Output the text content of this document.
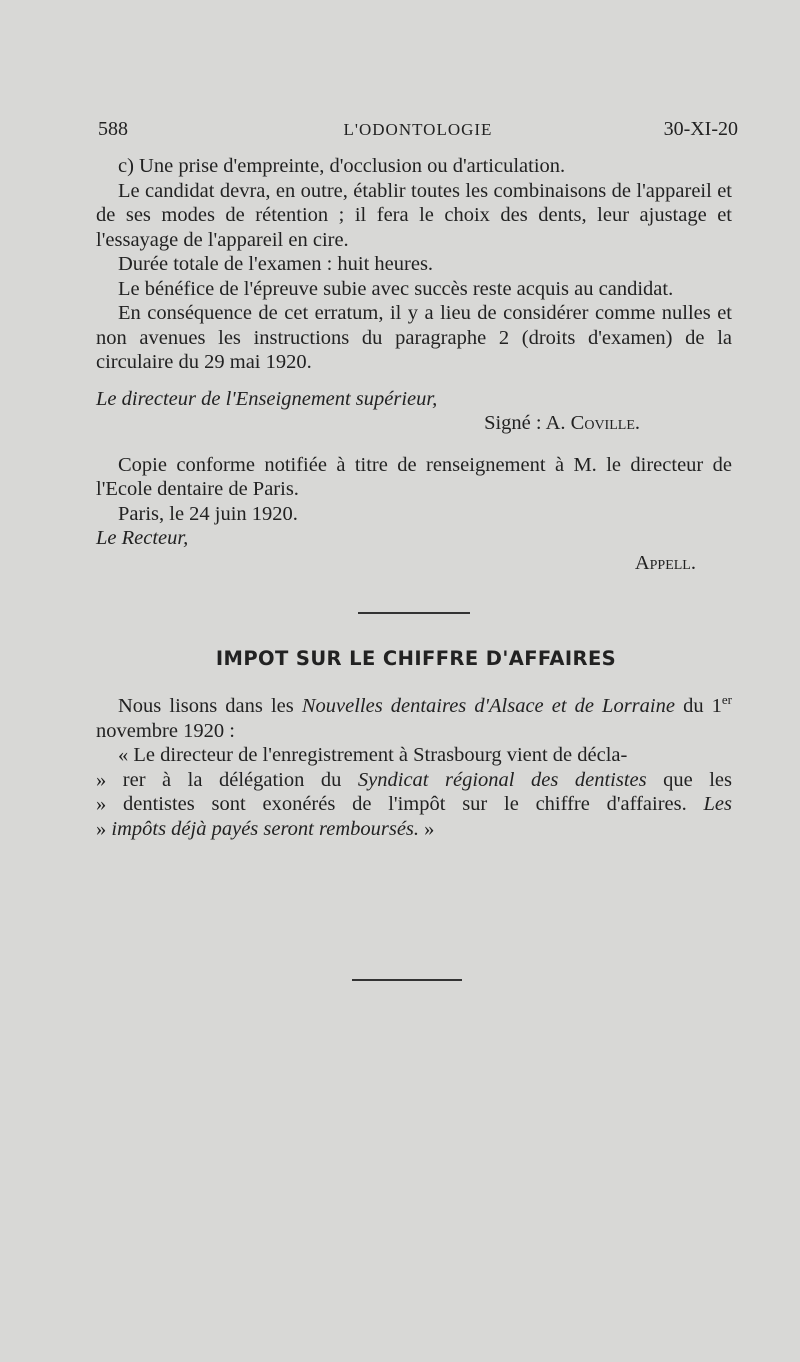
588	L'ODONTOLOGIE	30-XI-20

c) Une prise d'empreinte, d'occlusion ou d'articulation.

Le candidat devra, en outre, établir toutes les combinaisons de l'appareil et de ses modes de rétention ; il fera le choix des dents, leur ajustage et l'essayage de l'appareil en cire.

Durée totale de l'examen : huit heures.

Le bénéfice de l'épreuve subie avec succès reste acquis au candidat.

En conséquence de cet erratum, il y a lieu de considérer comme nulles et non avenues les instructions du paragraphe 2 (droits d'examen) de la circulaire du 29 mai 1920.

Le directeur de l'Enseignement supérieur,

Signé : A. Coville.

Copie conforme notifiée à titre de renseignement à M. le directeur de l'Ecole dentaire de Paris.

Paris, le 24 juin 1920.

Le Recteur,

Appell.

IMPOT SUR LE CHIFFRE D'AFFAIRES

Nous lisons dans les Nouvelles dentaires d'Alsace et de Lorraine du 1er novembre 1920 :

« Le directeur de l'enregistrement à Strasbourg vient de décla-

» rer à la délégation du Syndicat régional des dentistes que les

» dentistes sont exonérés de l'impôt sur le chiffre d'affaires. Les

» impôts déjà payés seront remboursés. »
